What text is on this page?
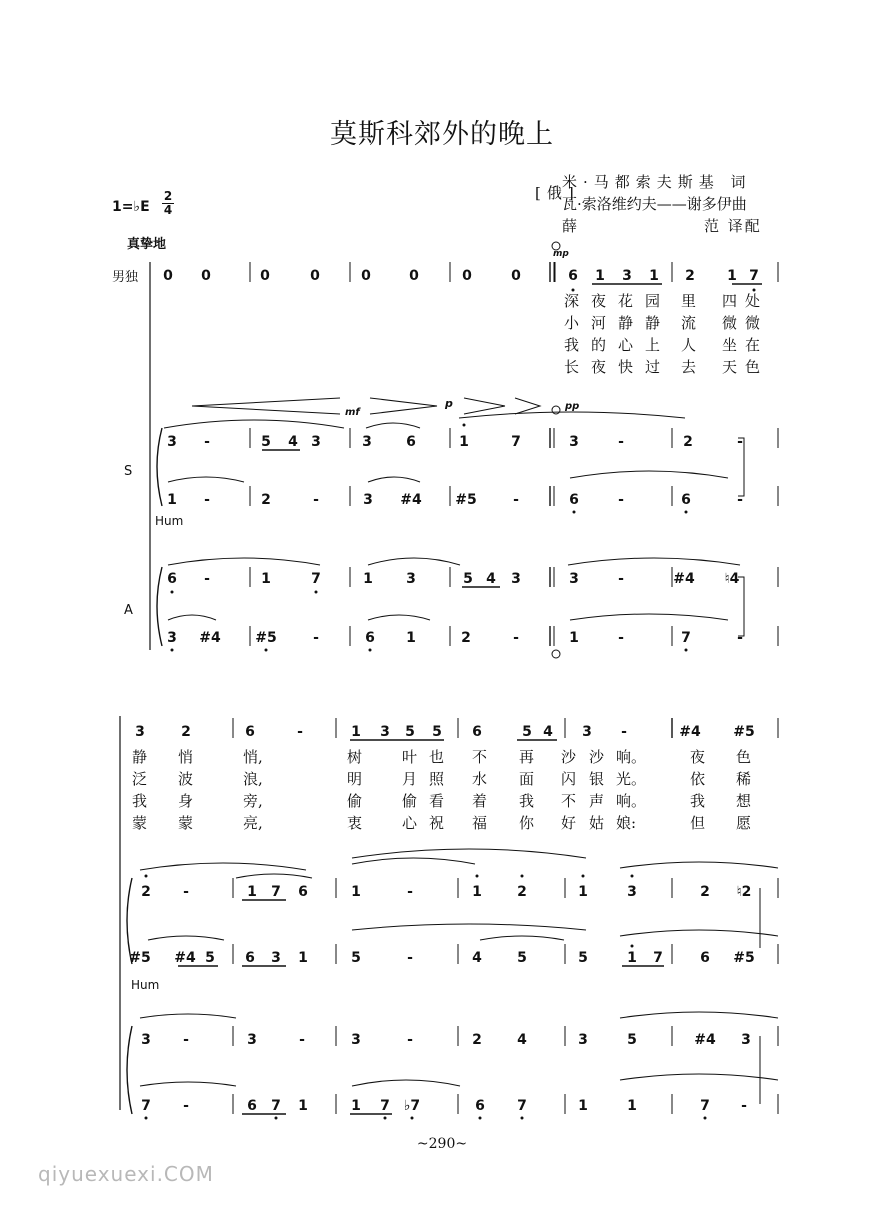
莫斯科郊外的晚上
[俄]
米·马都索夫斯基 词
瓦·索洛维约夫——谢多伊曲
薛	范 译配
1=♭E
2
4
真挚地
男独
S
Hum
A
Hum
mp
mf
p	pp
深 夜 花 园 里 四 处
小 河 静 静 流 微 微
我 的 心 上 人 坐 在
长 夜 快 过 去 天 色
静 悄	悄,	树	叶 也 不 再 沙 沙 响。	夜 色
泛 波	浪,	明	月 照 水 面 闪 银 光。	依 稀
我 身	旁,	偷	偷 看 着 我 不 声 响。	我 想
蒙 蒙	亮,	衷	心 祝 福 你 好 姑 娘:	但 愿
0 0	0	0	0	0	0	0	6 1 3 1 2 1 7
3 -	5 4 3	3 6	1	7	3	-	2	-
1 -	2	-	3 #4 #5	-	6	-	6	-
6 -	1	7	1 3	5 4 3	3	-	#4 ♮4
3 #4 #5	-	6 1	2	-	1	-	7	-
3	2	6	-	1 3 5 5 6	5 4 3 -	#4 #5
2 -	1 7 6	1	-	1	2	1	3	2 ♮2
#5 #4 5 6 3 1	5	-	4	5	5	1 7	6 #5
3 -	3	-	3	-	2	4	3	5	#4 3
7 -	6 7 1	1 7 ♭7	6 7	1	1	7 -
~290~
qiyuexuexi.COM
